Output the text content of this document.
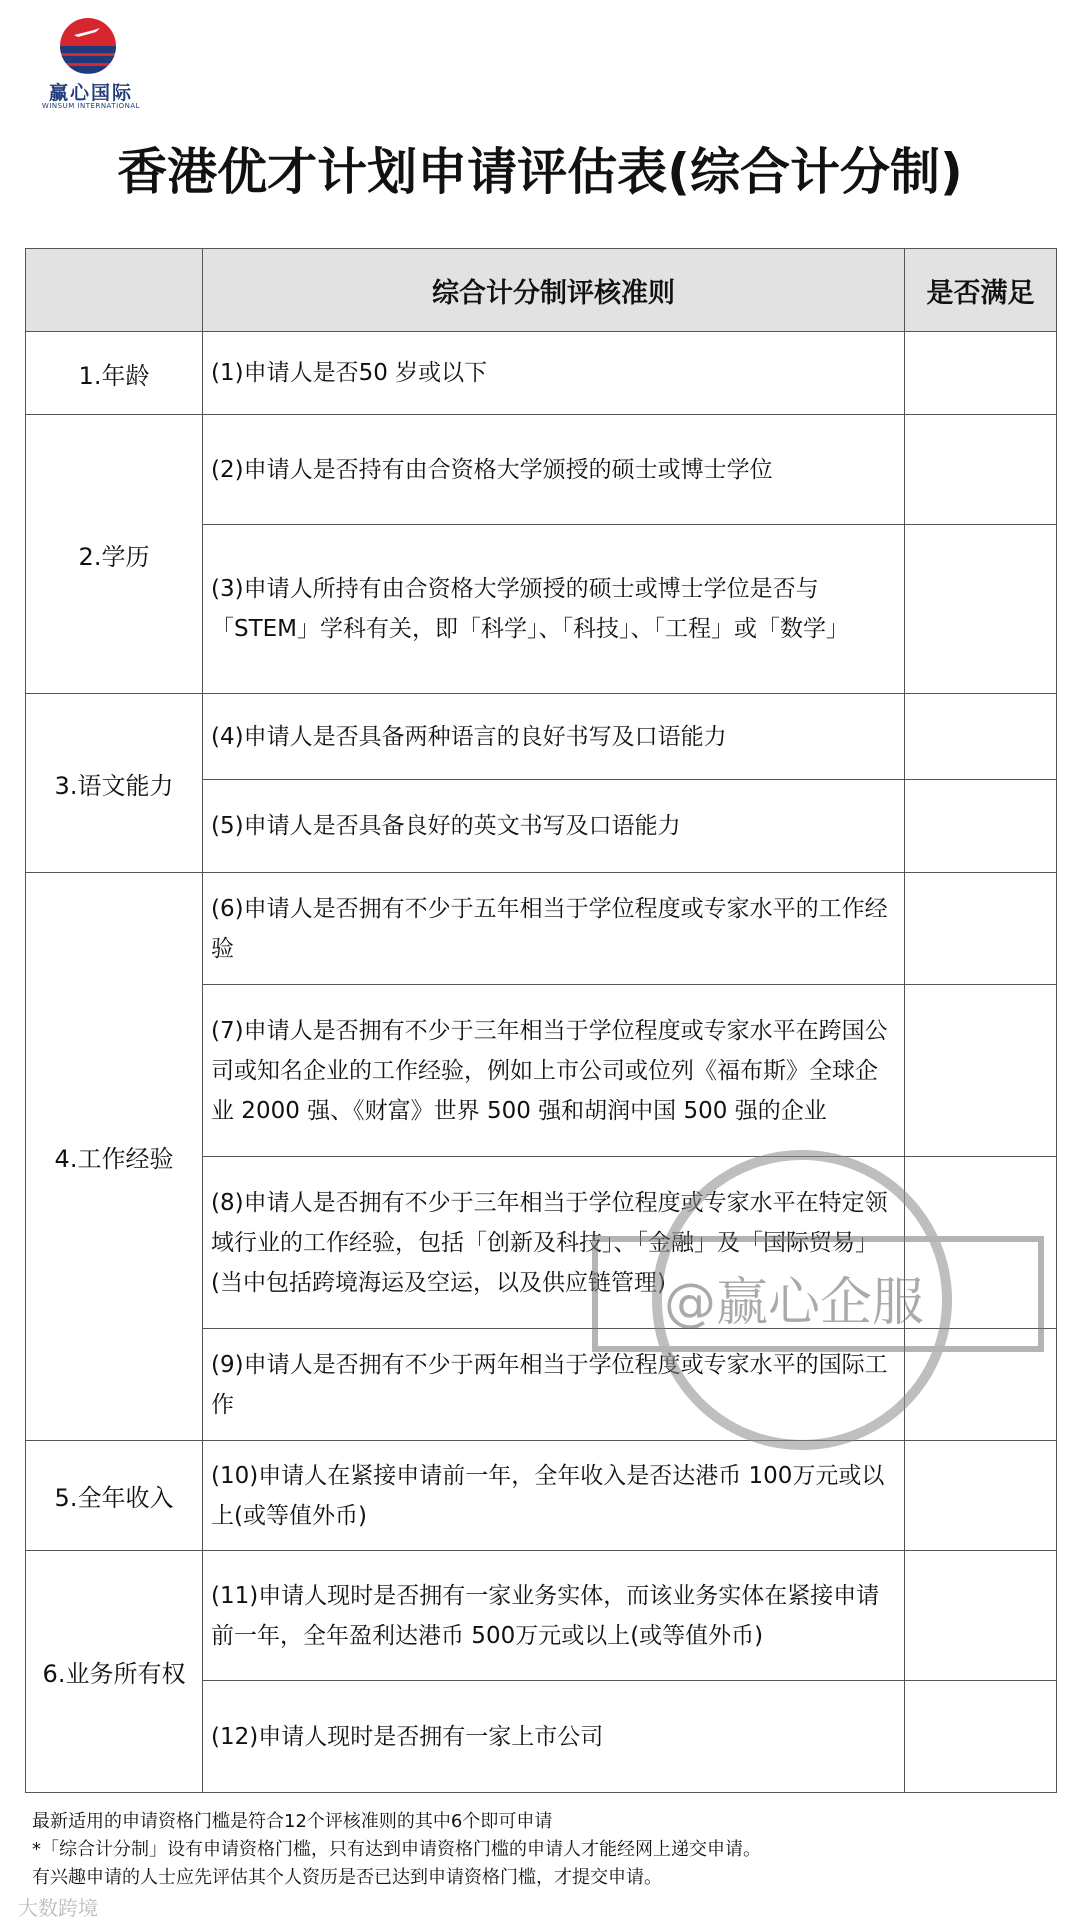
赢心国际
WINSUM INTERNATIONAL
香港优才计划申请评估表(综合计分制)
	综合计分制评核准则	是否满足
1.年龄	(1)申请人是否50 岁或以下	
2.学历	(2)申请人是否持有由合资格大学颁授的硕士或博士学位	
	(3)申请人所持有由合资格大学颁授的硕士或博士学位是否与「STEM」学科有关，即「科学」、「科技」、「工程」或「数学」	
3.语文能力	(4)申请人是否具备两种语言的良好书写及口语能力	
	(5)申请人是否具备良好的英文书写及口语能力	
4.工作经验	(6)申请人是否拥有不少于五年相当于学位程度或专家水平的工作经验	
	(7)申请人是否拥有不少于三年相当于学位程度或专家水平在跨国公司或知名企业的工作经验，例如上市公司或位列《福布斯》全球企业 2000 强、《财富》世界 500 强和胡润中国 500 强的企业	
	(8)申请人是否拥有不少于三年相当于学位程度或专家水平在特定领域行业的工作经验，包括「创新及科技」、「金融」及「国际贸易」(当中包括跨境海运及空运，以及供应链管理)	
	(9)申请人是否拥有不少于两年相当于学位程度或专家水平的国际工作	
5.全年收入	(10)申请人在紧接申请前一年，全年收入是否达港币 100万元或以上(或等值外币)	
6.业务所有权	(11)申请人现时是否拥有一家业务实体，而该业务实体在紧接申请前一年，全年盈利达港币 500万元或以上(或等值外币)	
	(12)申请人现时是否拥有一家上市公司	
@赢心企服
最新适用的申请资格门槛是符合12个评核准则的其中6个即可申请
*「综合计分制」设有申请资格门槛，只有达到申请资格门槛的申请人才能经网上递交申请。
有兴趣申请的人士应先评估其个人资历是否已达到申请资格门槛，才提交申请。
大数跨境
